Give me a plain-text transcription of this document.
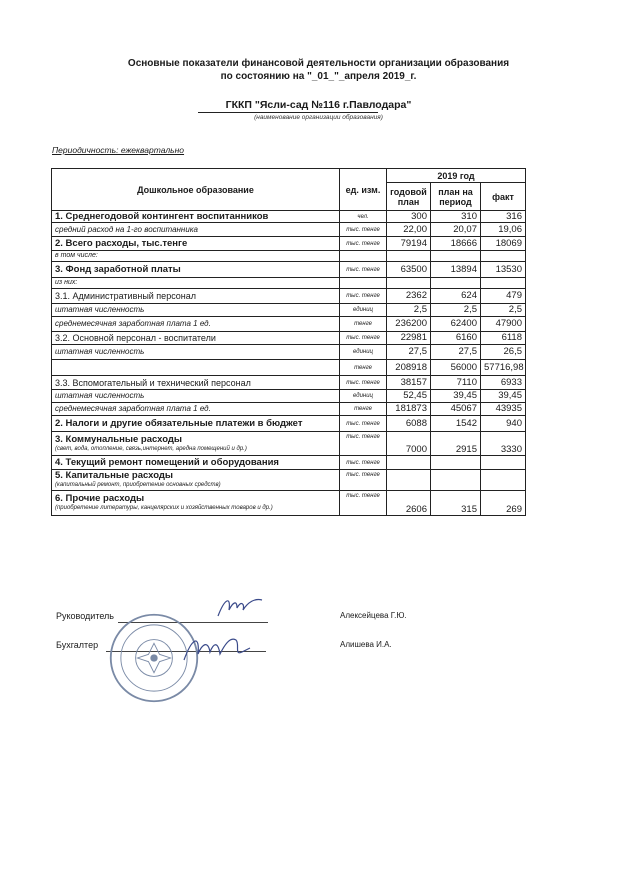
Основные показатели финансовой деятельности организации образования
по состоянию на "_01_"_апреля 2019_г.
ГККП "Ясли-сад №116 г.Павлодара"
(наименование организации образования)
Периодичность: ежеквартально
Дошкольное образование	ед. изм.	2019 год		
		годовой план	план на период	факт
1. Среднегодовой контингент воспитанников	чел.	300	310	316
средний расход на 1-го воспитанника	тыс. тенге	22,00	20,07	19,06
2. Всего расходы, тыс.тенге	тыс. тенге	79194	18666	18069
в том числе:				
3. Фонд заработной платы	тыс. тенге	63500	13894	13530
из них:				
3.1. Административный персонал	тыс. тенге	2362	624	479
штатная численность	единиц	2,5	2,5	2,5
среднемесячная заработная плата 1 ед.	тенге	236200	62400	47900
3.2. Основной персонал - воспитатели	тыс. тенге	22981	6160	6118
штатная численность	единиц	27,5	27,5	26,5
	тенге	208918	56000	57716,98
3.3. Вспомогательный и технический персонал	тыс. тенге	38157	7110	6933
штатная численность	единиц	52,45	39,45	39,45
среднемесячная заработная плата 1 ед.	тенге	181873	45067	43935
2. Налоги и другие обязательные платежи в бюджет	тыс. тенге	6088	1542	940
3. Коммунальные расходы
(свет, вода, отопление, связь,интернет, аредна помещений и др.)	тыс. тенге	7000	2915	3330
4. Текущий ремонт помещений и оборудования	тыс. тенге			
5. Капитальные расходы
(капитальный ремонт, приобретение основных средств)	тыс. тенге			
6. Прочие расходы
(приобретение литературы, канцелярских и хозяйственных товаров и др.)	тыс. тенге	2606	315	269
Руководитель	Алексейцева Г.Ю.
Бухгалтер	Алишева И.А.
